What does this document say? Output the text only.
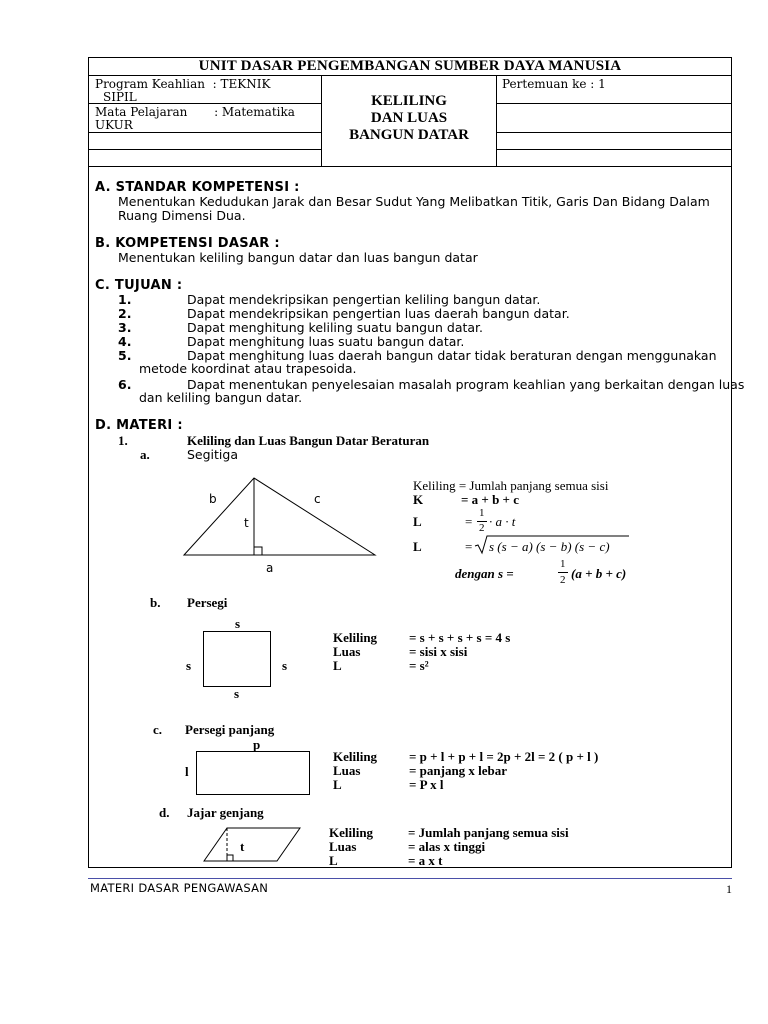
UNIT DASAR PENGEMBANGAN SUMBER DAYA MANUSIA
Program Keahlian : TEKNIK
SIPIL
Mata Pelajaran : Matematika
UKUR
KELILING
DAN LUAS
BANGUN DATAR
Pertemuan ke : 1
A. STANDAR KOMPETENSI :
Menentukan Kedudukan Jarak dan Besar Sudut Yang Melibatkan Titik, Garis Dan Bidang Dalam
Ruang Dimensi Dua.
B. KOMPETENSI DASAR :
Menentukan keliling bangun datar dan luas bangun datar
C. TUJUAN :
1.	Dapat mendekripsikan pengertian keliling bangun datar.
2.	Dapat mendekripsikan pengertian luas daerah bangun datar.
3.	Dapat menghitung keliling suatu bangun datar.
4.	Dapat menghitung luas suatu bangun datar.
5.	Dapat menghitung luas daerah bangun datar tidak beraturan dengan menggunakan
metode koordinat atau trapesoida.
6.	Dapat menentukan penyelesaian masalah program keahlian yang berkaitan dengan luas
dan keliling bangun datar.
D. MATERI :
1.	Keliling dan Luas Bangun Datar Beraturan
a.	Segitiga
b	c
t
a
Keliling = Jumlah panjang semua sisi
K	= a + b + c
L	=
1
2 · a · t
L	= s (s − a) (s − b) (s − c)
dengan s =
1
2 (a + b + c)
b. Persegi
s
s	s
s
Keliling = s + s + s + s = 4 s
Luas	= sisi x sisi
L	= s²
c. Persegi panjang
p
l
Keliling = p + l + p + l = 2p + 2l = 2 ( p + l )
Luas	= panjang x lebar
L	= P x l
d. Jajar genjang
t
Keliling	= Jumlah panjang semua sisi
Luas	= alas x tinggi
L	= a x t
MATERI DASAR PENGAWASAN	1
